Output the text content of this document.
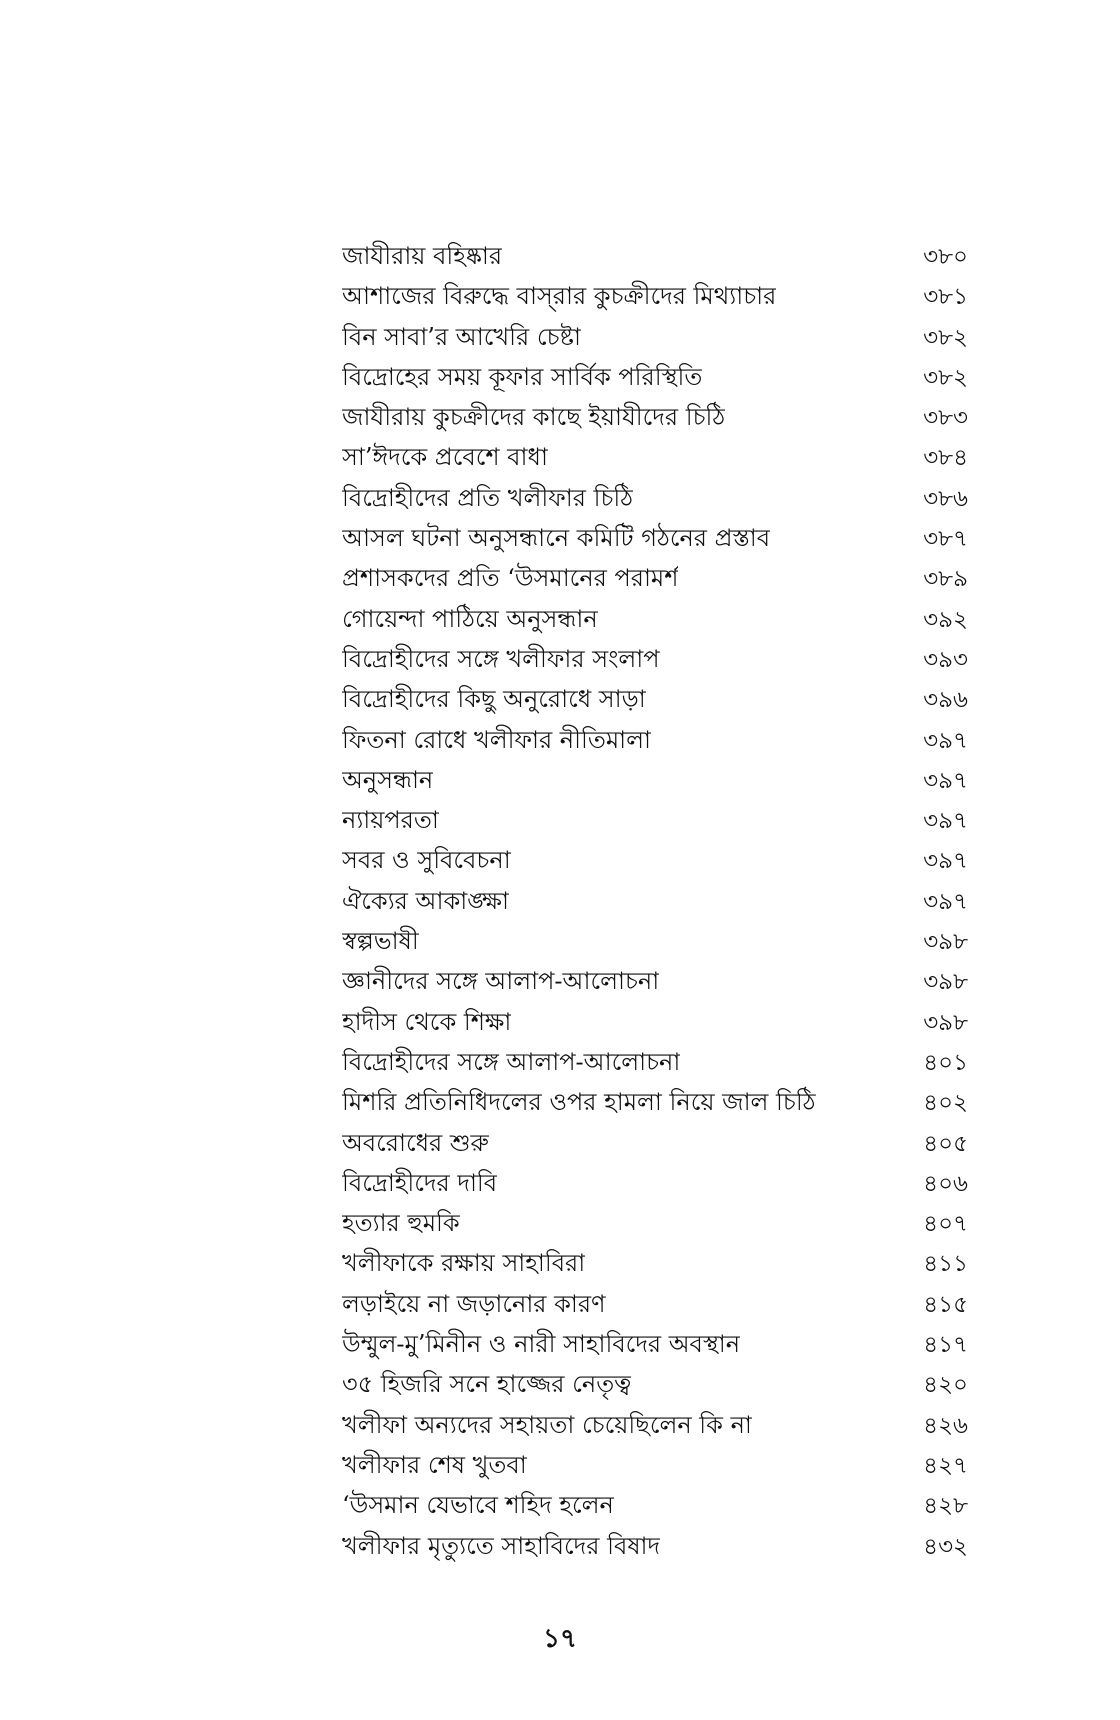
জাযীরায় বহিষ্কার	৩৮০
আশাজের বিরুদ্ধে বাস্‌রার কুচক্রীদের মিথ্যাচার	৩৮১
বিন সাবা’র আখেরি চেষ্টা	৩৮২
বিদ্রোহের সময় কূফার সার্বিক পরিস্থিতি	৩৮২
জাযীরায় কুচক্রীদের কাছে ইয়াযীদের চিঠি	৩৮৩
সা’ঈদকে প্রবেশে বাধা	৩৮৪
বিদ্রোহীদের প্রতি খলীফার চিঠি	৩৮৬
আসল ঘটনা অনুসন্ধানে কমিটি গঠনের প্রস্তাব	৩৮৭
প্রশাসকদের প্রতি ‘উসমানের পরামর্শ	৩৮৯
গোয়েন্দা পাঠিয়ে অনুসন্ধান	৩৯২
বিদ্রোহীদের সঙ্গে খলীফার সংলাপ	৩৯৩
বিদ্রোহীদের কিছু অনুরোধে সাড়া	৩৯৬
ফিতনা রোধে খলীফার নীতিমালা	৩৯৭
অনুসন্ধান	৩৯৭
ন্যায়পরতা	৩৯৭
সবর ও সুবিবেচনা	৩৯৭
ঐক্যের আকাঙ্ক্ষা	৩৯৭
স্বল্পভাষী	৩৯৮
জ্ঞানীদের সঙ্গে আলাপ-আলোচনা	৩৯৮
হাদীস থেকে শিক্ষা	৩৯৮
বিদ্রোহীদের সঙ্গে আলাপ-আলোচনা	৪০১
মিশরি প্রতিনিধিদলের ওপর হামলা নিয়ে জাল চিঠি	৪০২
অবরোধের শুরু	৪০৫
বিদ্রোহীদের দাবি	৪০৬
হত্যার হুমকি	৪০৭
খলীফাকে রক্ষায় সাহাবিরা	৪১১
লড়াইয়ে না জড়ানোর কারণ	৪১৫
উম্মুল-মু’মিনীন ও নারী সাহাবিদের অবস্থান	৪১৭
৩৫ হিজরি সনে হাজ্জের নেতৃত্ব	৪২০
খলীফা অন্যদের সহায়তা চেয়েছিলেন কি না	৪২৬
খলীফার শেষ খুতবা	৪২৭
‘উসমান যেভাবে শহিদ হলেন	৪২৮
খলীফার মৃত্যুতে সাহাবিদের বিষাদ	৪৩২
১৭
